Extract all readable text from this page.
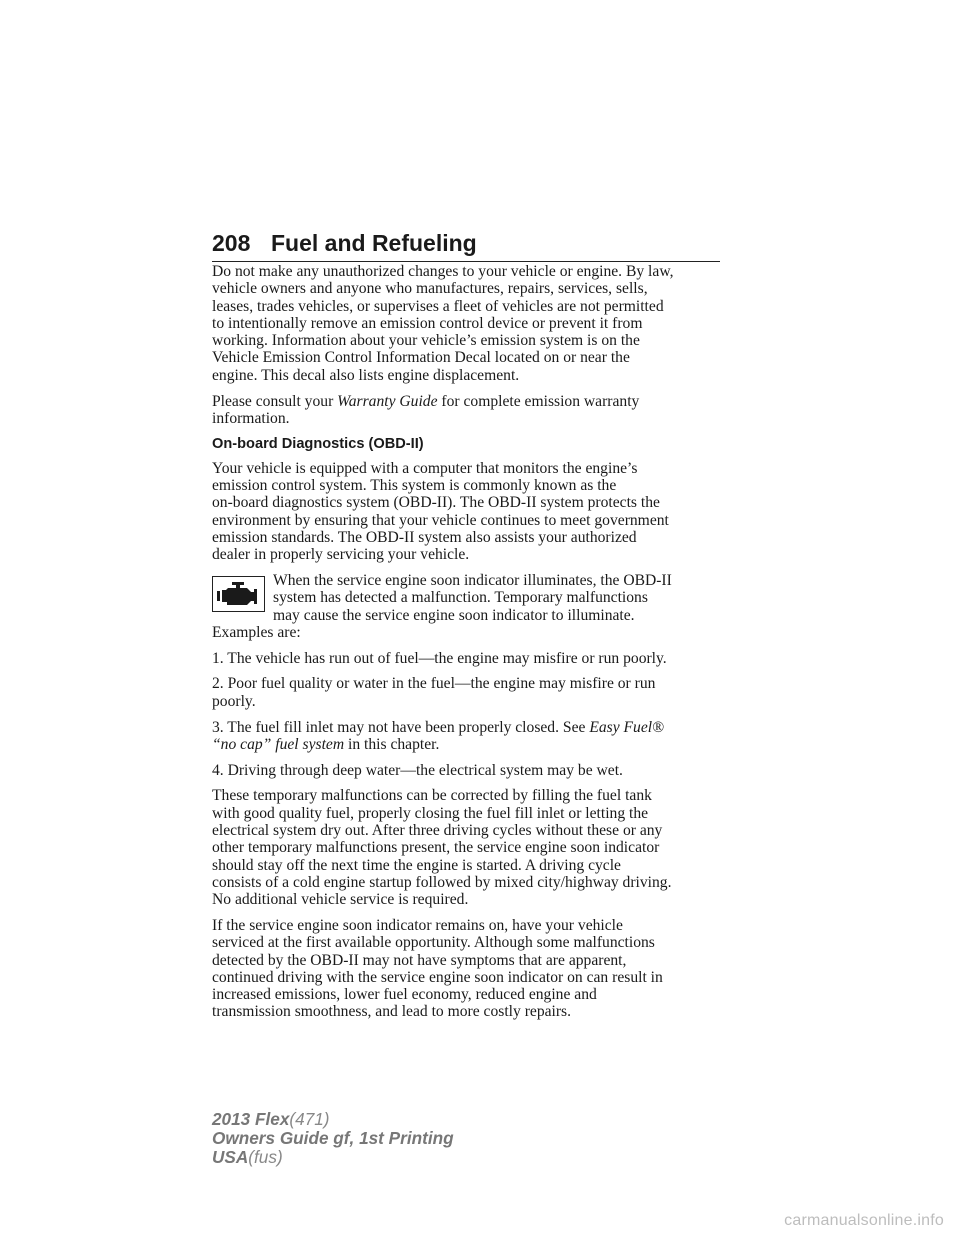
208 Fuel and Refueling

Do not make any unauthorized changes to your vehicle or engine. By law,
vehicle owners and anyone who manufactures, repairs, services, sells,
leases, trades vehicles, or supervises a fleet of vehicles are not permitted
to intentionally remove an emission control device or prevent it from
working. Information about your vehicle’s emission system is on the
Vehicle Emission Control Information Decal located on or near the
engine. This decal also lists engine displacement.

Please consult your Warranty Guide for complete emission warranty
information.

On-board Diagnostics (OBD-II)

Your vehicle is equipped with a computer that monitors the engine’s
emission control system. This system is commonly known as the
on-board diagnostics system (OBD-II). The OBD-II system protects the
environment by ensuring that your vehicle continues to meet government
emission standards. The OBD-II system also assists your authorized
dealer in properly servicing your vehicle.

When the service engine soon indicator illuminates, the OBD-II
system has detected a malfunction. Temporary malfunctions
may cause the service engine soon indicator to illuminate.
Examples are:

1. The vehicle has run out of fuel—the engine may misfire or run poorly.

2. Poor fuel quality or water in the fuel—the engine may misfire or run
poorly.

3. The fuel fill inlet may not have been properly closed. See Easy Fuel®
“no cap” fuel system in this chapter.

4. Driving through deep water—the electrical system may be wet.

These temporary malfunctions can be corrected by filling the fuel tank
with good quality fuel, properly closing the fuel fill inlet or letting the
electrical system dry out. After three driving cycles without these or any
other temporary malfunctions present, the service engine soon indicator
should stay off the next time the engine is started. A driving cycle
consists of a cold engine startup followed by mixed city/highway driving.
No additional vehicle service is required.

If the service engine soon indicator remains on, have your vehicle
serviced at the first available opportunity. Although some malfunctions
detected by the OBD-II may not have symptoms that are apparent,
continued driving with the service engine soon indicator on can result in
increased emissions, lower fuel economy, reduced engine and
transmission smoothness, and lead to more costly repairs.

2013 Flex(471)
Owners Guide gf, 1st Printing
USA(fus)
carmanualsonline.info
